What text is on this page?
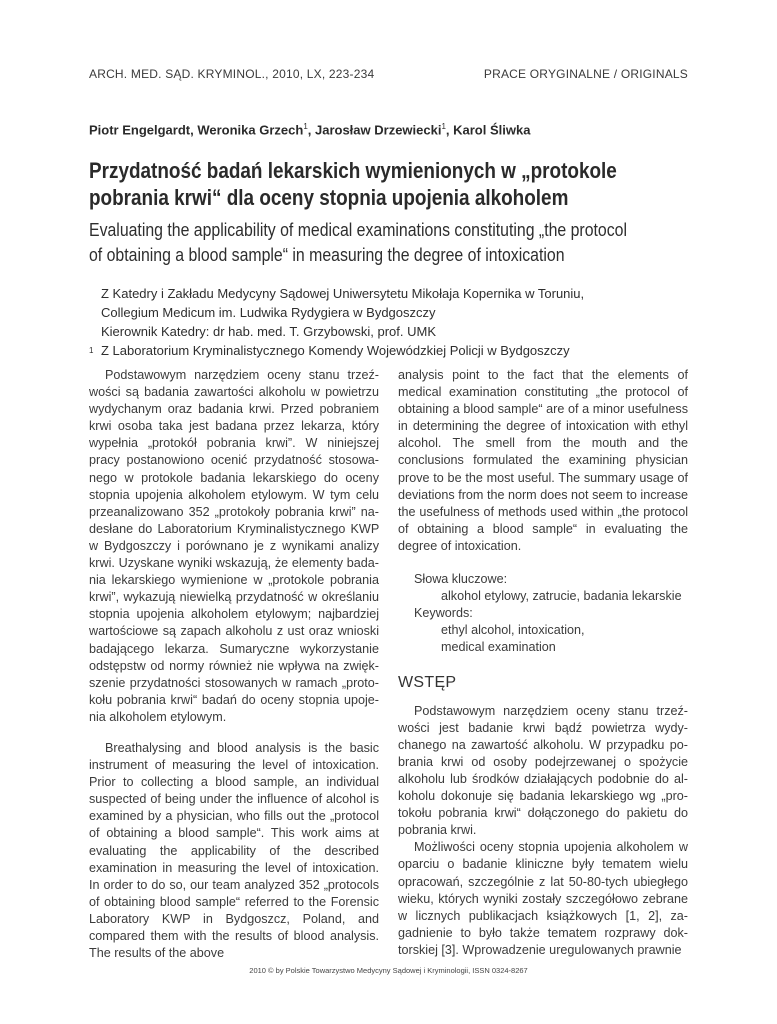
ARCH. MED. SĄD. KRYMINOL., 2010, LX, 223-234	PRACE ORYGINALNE / ORIGINALS
Piotr Engelgardt, Weronika Grzech$^1$, Jarosław Drzewiecki$^1$, Karol Śliwka
Przydatność badań lekarskich wymienionych w „protokole
pobrania krwi“ dla oceny stopnia upojenia alkoholem
Evaluating the applicability of medical examinations constituting „the protocol
of obtaining a blood sample“ in measuring the degree of intoxication
Z Katedry i Zakładu Medycyny Sądowej Uniwersytetu Mikołaja Kopernika w Toruniu,
Collegium Medicum im. Ludwika Rydygiera w Bydgoszczy
Kierownik Katedry: dr hab. med. T. Grzybowski, prof. UMK
$^1$ Z Laboratorium Kryminalistycznego Komendy Wojewódzkiej Policji w Bydgoszczy

Podstawowym narzędziem oceny stanu trzeź- wości są badania zawartości alkoholu w powietrzu wydychanym oraz badania krwi. Przed pobraniem krwi osoba taka jest badana przez lekarza, który wypełnia „protokół pobrania krwi”. W niniejszej pracy postanowiono ocenić przydatność stosowa- nego w protokole badania lekarskiego do oceny stopnia upojenia alkoholem etylowym. W tym celu przeanalizowano 352 „protokoły pobrania krwi” na- desłane do Laboratorium Kryminalistycznego KWP w Bydgoszczy i porównano je z wynikami analizy krwi. Uzyskane wyniki wskazują, że elementy bada- nia lekarskiego wymienione w „protokole pobrania krwi”, wykazują niewielką przydatność w określaniu stopnia upojenia alkoholem etylowym; najbardziej wartościowe są zapach alkoholu z ust oraz wnioski badającego lekarza. Sumaryczne wykorzystanie odstępstw od normy również nie wpływa na zwięk- szenie przydatności stosowanych w ramach „proto- kołu pobrania krwi“ badań do oceny stopnia upoje- nia alkoholem etylowym.

Breathalysing and blood analysis is the basic instrument of measuring the level of intoxication. Prior to collecting a blood sample, an individual suspected of being under the influence of alcohol is examined by a physician, who fills out the „protocol of obtaining a blood sample“. This work aims at evaluating the applicability of the described examination in measuring the level of intoxication. In order to do so, our team analyzed 352 „protocols of obtaining blood sample“ referred to the Forensic Laboratory KWP in Bydgoszcz, Poland, and compared them with the results of blood analysis. The results of the above

analysis point to the fact that the elements of medical examination constituting „the protocol of obtaining a blood sample“ are of a minor usefulness in determining the degree of intoxication with ethyl alcohol. The smell from the mouth and the conclusions formulated the examining physician prove to be the most useful. The summary usage of deviations from the norm does not seem to increase the usefulness of methods used within „the protocol of obtaining a blood sample“ in evaluating the degree of intoxication.

Słowa kluczowe:
alkohol etylowy, zatrucie, badania lekarskie
Keywords:
ethyl alcohol, intoxication,
medical examination
WSTĘP

Podstawowym narzędziem oceny stanu trzeź- wości jest badanie krwi bądź powietrza wydy- chanego na zawartość alkoholu. W przypadku po- brania krwi od osoby podejrzewanej o spożycie alkoholu lub środków działających podobnie do al- koholu dokonuje się badania lekarskiego wg „pro- tokołu pobrania krwi“ dołączonego do pakietu do pobrania krwi.

Możliwości oceny stopnia upojenia alkoholem w oparciu o badanie kliniczne były tematem wielu opracowań, szczególnie z lat 50-80-tych ubiegłego wieku, których wyniki zostały szczegółowo zebrane w licznych publikacjach książkowych [1, 2], za- gadnienie to było także tematem rozprawy dok- torskiej [3]. Wprowadzenie uregulowanych prawnie

2010 © by Polskie Towarzystwo Medycyny Sądowej i Kryminologii, ISSN 0324-8267
